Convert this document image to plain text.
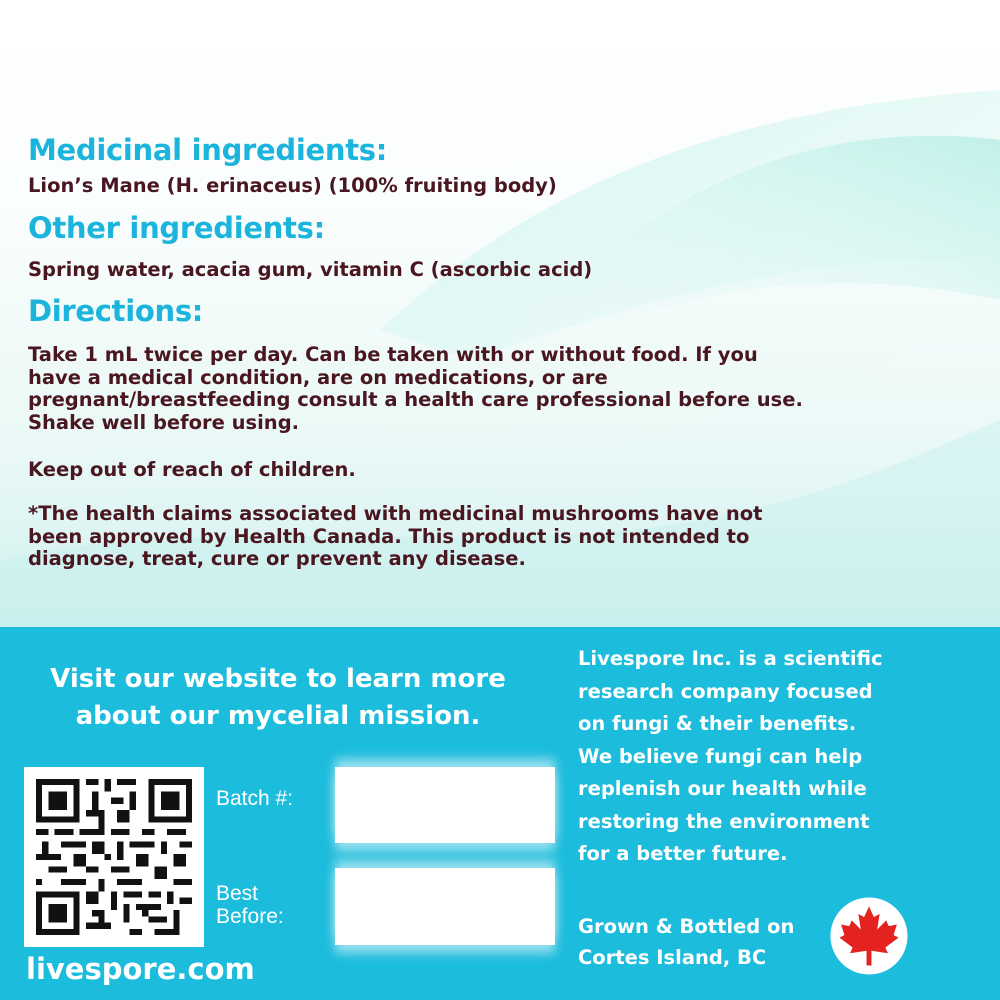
Medicinal ingredients:

Lion’s Mane (H. erinaceus) (100% fruiting body)

Other ingredients:

Spring water, acacia gum, vitamin C (ascorbic acid)

Directions:
Take 1 mL twice per day. Can be taken with or without food. If you
have a medical condition, are on medications, or are
pregnant/breastfeeding consult a health care professional before use.
Shake well before using.

Keep out of reach of children.

*The health claims associated with medicinal mushrooms have not
been approved by Health Canada. This product is not intended to
diagnose, treat, cure or prevent any disease.
Visit our website to learn more
about our mycelial mission.
Batch #:
Best
Before:
livespore.com
Livespore Inc. is a scientific
research company focused
on fungi & their benefits.
We believe fungi can help
replenish our health while
restoring the environment
for a better future.
Grown & Bottled on
Cortes Island, BC
